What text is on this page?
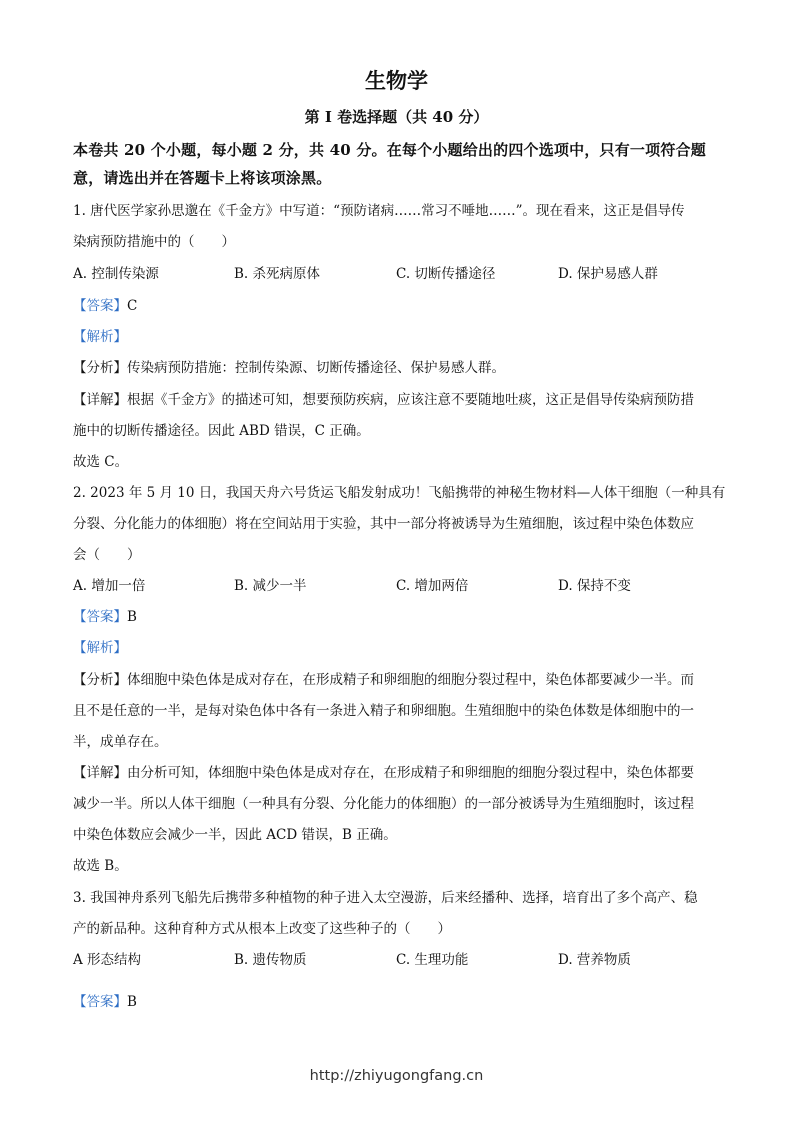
生物学
第 I 卷选择题（共 40 分）
本卷共 20 个小题，每小题 2 分，共 40 分。在每个小题给出的四个选项中，只有一项符合题
意，请选出并在答题卡上将该项涂黑。
1. 唐代医学家孙思邈在《千金方》中写道：“预防诸病……常习不唾地……”。现在看来，这正是倡导传
染病预防措施中的（　　）
A. 控制传染源	B. 杀死病原体	C. 切断传播途径	D. 保护易感人群
【答案】C
【解析】
【分析】传染病预防措施：控制传染源、切断传播途径、保护易感人群。
【详解】根据《千金方》的描述可知，想要预防疾病，应该注意不要随地吐痰，这正是倡导传染病预防措
施中的切断传播途径。因此 ABD 错误，C 正确。
故选 C。
2. 2023 年 5 月 10 日，我国天舟六号货运飞船发射成功！飞船携带的神秘生物材料—人体干细胞（一种具有
分裂、分化能力的体细胞）将在空间站用于实验，其中一部分将被诱导为生殖细胞，该过程中染色体数应
会（　　）
A. 增加一倍	B. 减少一半	C. 增加两倍	D. 保持不变
【答案】B
【解析】
【分析】体细胞中染色体是成对存在，在形成精子和卵细胞的细胞分裂过程中，染色体都要减少一半。而
且不是任意的一半，是每对染色体中各有一条进入精子和卵细胞。生殖细胞中的染色体数是体细胞中的一
半，成单存在。
【详解】由分析可知，体细胞中染色体是成对存在，在形成精子和卵细胞的细胞分裂过程中，染色体都要
减少一半。所以人体干细胞（一种具有分裂、分化能力的体细胞）的一部分被诱导为生殖细胞时，该过程
中染色体数应会减少一半，因此 ACD 错误，B 正确。
故选 B。
3. 我国神舟系列飞船先后携带多种植物的种子进入太空漫游，后来经播种、选择，培育出了多个高产、稳
产的新品种。这种育种方式从根本上改变了这些种子的（　　）
A 形态结构	B. 遗传物质	C. 生理功能	D. 营养物质
【答案】B
http://zhiyugongfang.cn
